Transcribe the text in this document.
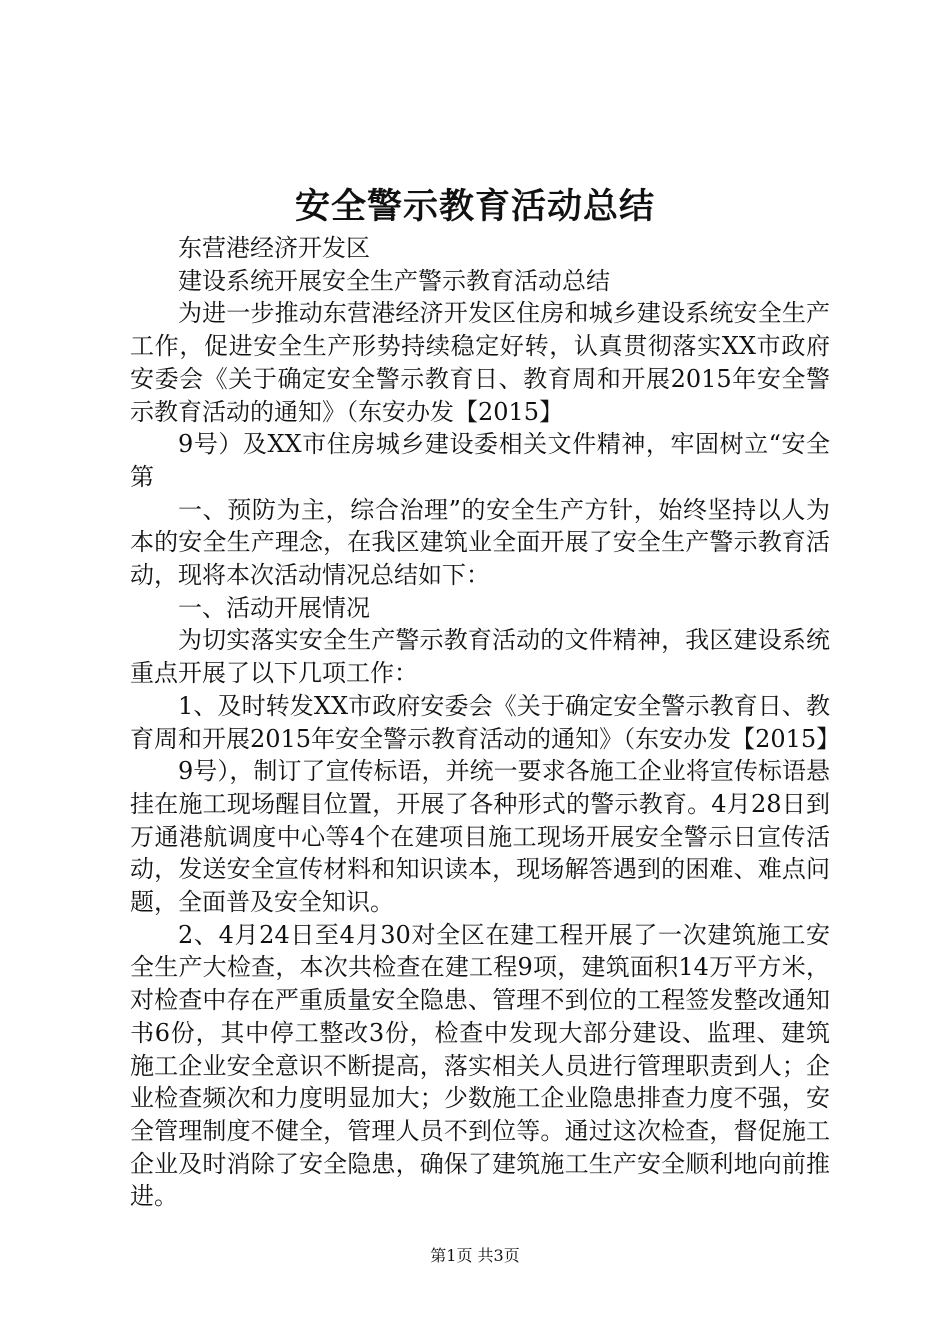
安全警示教育活动总结

东营港经济开发区

建设系统开展安全生产警示教育活动总结

为进一步推动东营港经济开发区住房和城乡建设系统安全生产工作，促进安全生产形势持续稳定好转，认真贯彻落实XX市政府安委会《关于确定安全警示教育日、教育周和开展2015年安全警示教育活动的通知》（东安办发【2015】

9号）及XX市住房城乡建设委相关文件精神，牢固树立“安全第

一、预防为主，综合治理”的安全生产方针，始终坚持以人为本的安全生产理念，在我区建筑业全面开展了安全生产警示教育活动，现将本次活动情况总结如下：

一、活动开展情况

为切实落实安全生产警示教育活动的文件精神，我区建设系统重点开展了以下几项工作：

1、及时转发XX市政府安委会《关于确定安全警示教育日、教育周和开展2015年安全警示教育活动的通知》（东安办发【2015】

9号），制订了宣传标语，并统一要求各施工企业将宣传标语悬挂在施工现场醒目位置，开展了各种形式的警示教育。4月28日到万通港航调度中心等4个在建项目施工现场开展安全警示日宣传活动，发送安全宣传材料和知识读本，现场解答遇到的困难、难点问题，全面普及安全知识。

2、4月24日至4月30对全区在建工程开展了一次建筑施工安全生产大检查，本次共检查在建工程9项，建筑面积14万平方米，对检查中存在严重质量安全隐患、管理不到位的工程签发整改通知书6份，其中停工整改3份，检查中发现大部分建设、监理、建筑施工企业安全意识不断提高，落实相关人员进行管理职责到人；企业检查频次和力度明显加大；少数施工企业隐患排查力度不强，安全管理制度不健全，管理人员不到位等。通过这次检查，督促施工企业及时消除了安全隐患，确保了建筑施工生产安全顺利地向前推进。

第1页 共3页
